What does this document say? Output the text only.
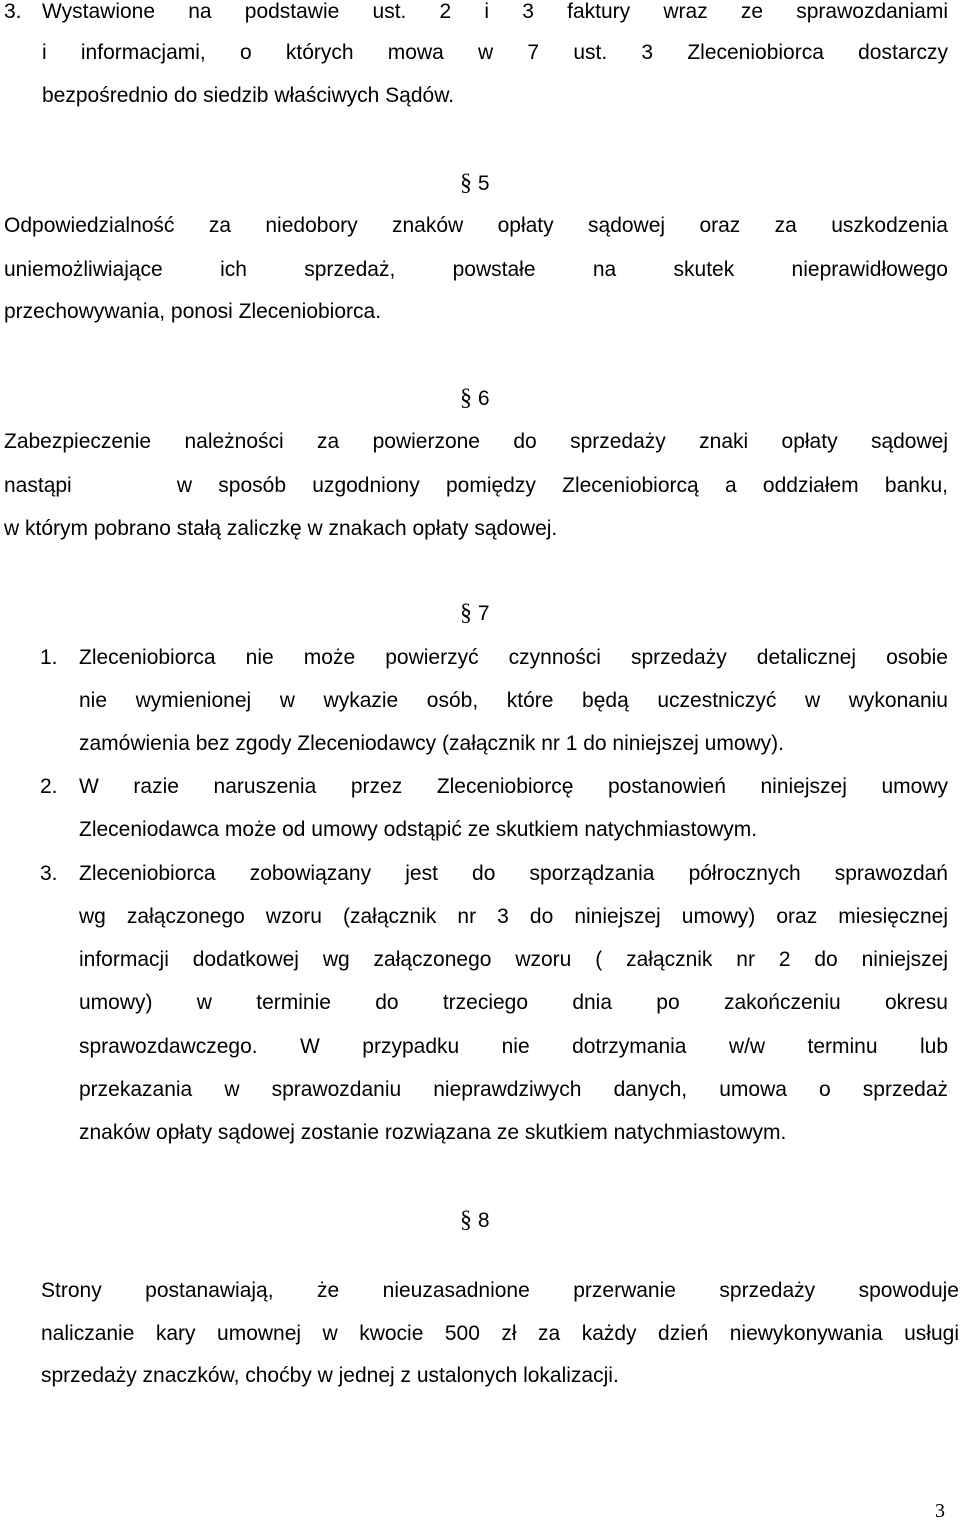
3. Wystawione na podstawie ust. 2 i 3 faktury wraz ze sprawozdaniami
i informacjami, o których mowa w 7 ust. 3 Zleceniobiorca dostarczy
bezpośrednio do siedzib właściwych Sądów.
§ 5
Odpowiedzialność za niedobory znaków opłaty sądowej oraz za uszkodzenia
uniemożliwiające ich sprzedaż, powstałe na skutek nieprawidłowego
przechowywania, ponosi Zleceniobiorca.
§ 6
Zabezpieczenie należności za powierzone do sprzedaży znaki opłaty sądowej
nastąpi    w sposób uzgodniony pomiędzy Zleceniobiorcą a oddziałem banku,
w którym pobrano stałą zaliczkę w znakach opłaty sądowej.
§ 7
1. Zleceniobiorca nie może powierzyć czynności sprzedaży detalicznej osobie
nie wymienionej w wykazie osób, które będą uczestniczyć w wykonaniu
zamówienia bez zgody Zleceniodawcy (załącznik nr 1 do niniejszej umowy).
2. W razie naruszenia przez Zleceniobiorcę postanowień niniejszej umowy
Zleceniodawca może od umowy odstąpić ze skutkiem natychmiastowym.
3. Zleceniobiorca zobowiązany jest do sporządzania półrocznych sprawozdań
wg załączonego wzoru (załącznik nr 3 do niniejszej umowy) oraz miesięcznej
informacji dodatkowej wg załączonego wzoru ( załącznik nr 2 do niniejszej
umowy) w terminie do trzeciego dnia po zakończeniu okresu
sprawozdawczego. W przypadku nie dotrzymania w/w terminu lub
przekazania w sprawozdaniu nieprawdziwych danych, umowa o sprzedaż
znaków opłaty sądowej zostanie rozwiązana ze skutkiem natychmiastowym.
§ 8
Strony postanawiają, że nieuzasadnione przerwanie sprzedaży spowoduje
naliczanie kary umownej w kwocie 500 zł za każdy dzień niewykonywania usługi
sprzedaży znaczków, choćby w jednej z ustalonych lokalizacji.
3
